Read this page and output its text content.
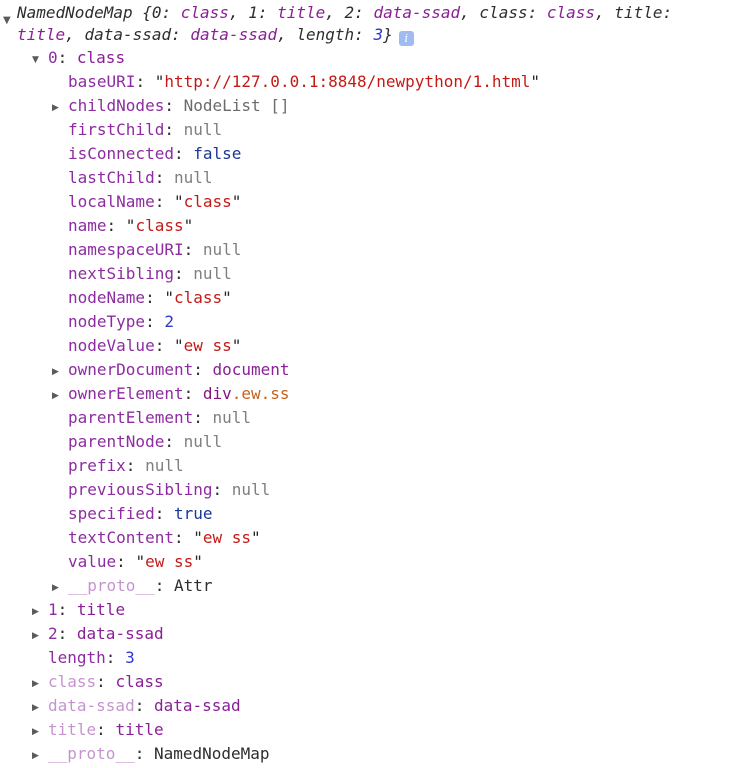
▼ NamedNodeMap {0: class, 1: title, 2: data-ssad, class: class, title: title, data-ssad: data-ssad, length: 3} i
▼ 0: class
baseURI: "http://127.0.0.1:8848/newpython/1.html"
▶ childNodes: NodeList []
firstChild: null
isConnected: false
lastChild: null
localName: "class"
name: "class"
namespaceURI: null
nextSibling: null
nodeName: "class"
nodeType: 2
nodeValue: "ew ss"
▶ ownerDocument: document
▶ ownerElement: div.ew.ss
parentElement: null
parentNode: null
prefix: null
previousSibling: null
specified: true
textContent: "ew ss"
value: "ew ss"
▶ __proto__: Attr
▶ 1: title
▶ 2: data-ssad
length: 3
▶ class: class
▶ data-ssad: data-ssad
▶ title: title
▶ __proto__: NamedNodeMap
